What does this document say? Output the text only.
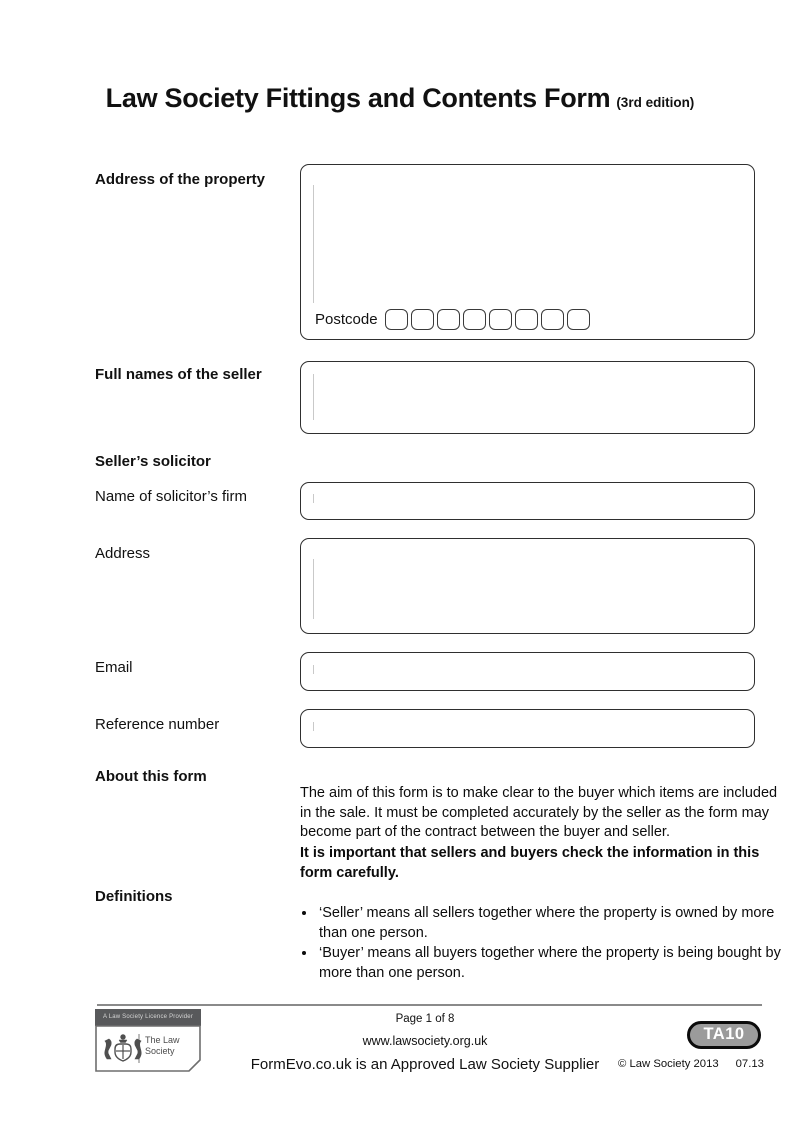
Law Society Fittings and Contents Form (3rd edition)
Address of the property
Postcode
Full names of the seller
Seller’s solicitor
Name of solicitor’s firm
Address
Email
Reference number
About this form
The aim of this form is to make clear to the buyer which items are included in the sale. It must be completed accurately by the seller as the form may become part of the contract between the buyer and seller.
It is important that sellers and buyers check the information in this form carefully.
Definitions
• ‘Seller’ means all sellers together where the property is owned by more than one person.
• ‘Buyer’ means all buyers together where the property is being bought by more than one person.
A Law Society Licence Provider
The Law
Society
Page 1 of 8
www.lawsociety.org.uk
FormEvo.co.uk is an Approved Law Society Supplier
TA10
© Law Society 2013 07.13
